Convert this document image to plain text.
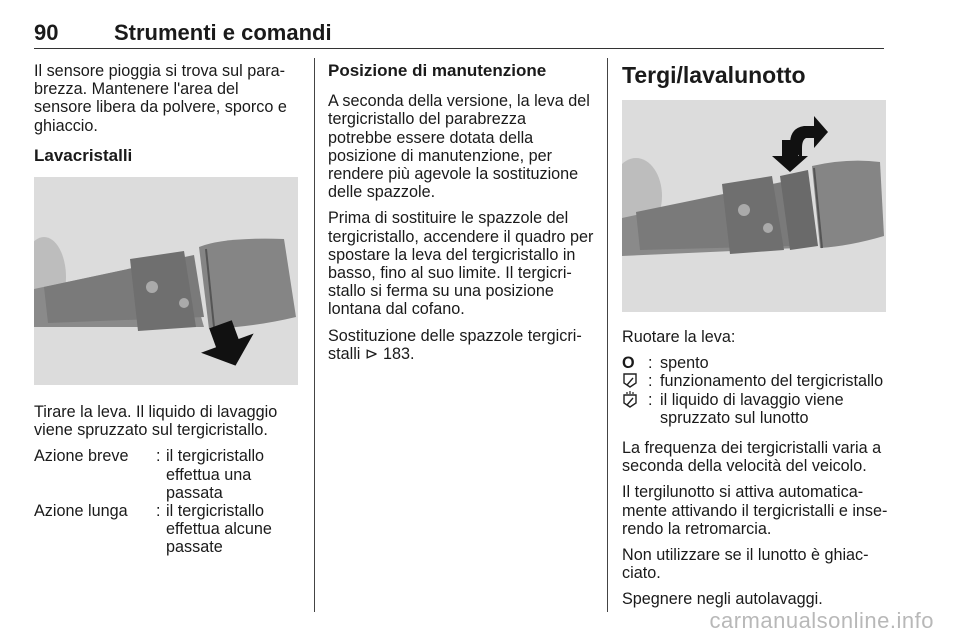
90	Strumenti e comandi

Il sensore pioggia si trova sul parabrezza. Mantenere l'area del sensore libera da polvere, sporco e ghiaccio.

Lavacristalli

Tirare la leva. Il liquido di lavaggio viene spruzzato sul tergicristallo.

Azione breve	: il tergicristallo effettua una passata
Azione lunga	: il tergicristallo effettua alcune passate
Posizione di manutenzione

A seconda della versione, la leva del tergicristallo del parabrezza potrebbe essere dotata della posizione di manutenzione, per rendere più agevole la sostituzione delle spazzole.

Prima di sostituire le spazzole del tergicristallo, accendere il quadro per spostare la leva del tergicristallo in basso, fino al suo limite. Il tergicristallo si ferma su una posizione lontana dal cofano.

Sostituzione delle spazzole tergicristalli ⊳ 183.

Tergi/lavalunotto

Ruotare la leva:

O : spento
: funzionamento del tergicristallo
: il liquido di lavaggio viene spruzzato sul lunotto

La frequenza dei tergicristalli varia a seconda della velocità del veicolo.

Il tergilunotto si attiva automaticamente attivando il tergicristalli e inserendo la retromarcia.

Non utilizzare se il lunotto è ghiacciato.

Spegnere negli autolavaggi.

carmanualsonline.info
